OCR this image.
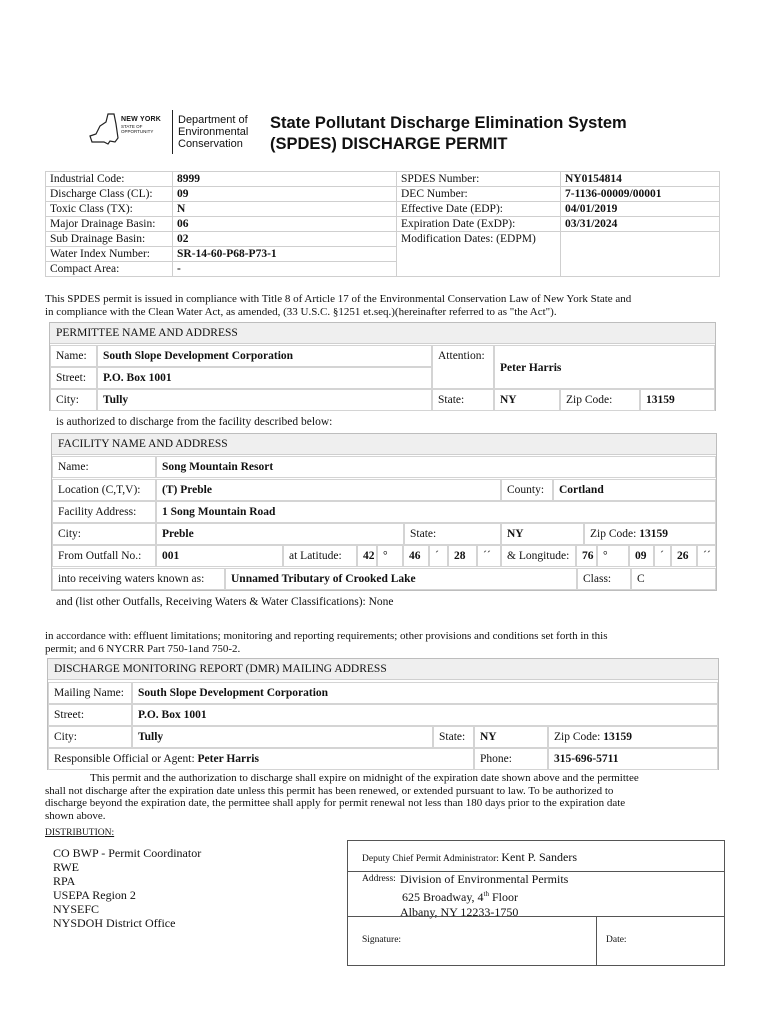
NEW YORK
STATE OF OPPORTUNITY
Department of
Environmental
Conservation
State Pollutant Discharge Elimination System
(SPDES) DISCHARGE PERMIT
Industrial Code:	8999	SPDES Number:	NY0154814
Discharge Class (CL):	09	DEC Number:	7-1136-00009/00001
Toxic Class (TX):	N	Effective Date (EDP):	04/01/2019
Major Drainage Basin:	06	Expiration Date (ExDP):	03/31/2024
Sub Drainage Basin:	02	Modification Dates: (EDPM)	
Water Index Number:	SR-14-60-P68-P73-1		
Compact Area:	-		
This SPDES permit is issued in compliance with Title 8 of Article 17 of the Environmental Conservation Law of New York State and
in compliance with the Clean Water Act, as amended, (33 U.S.C. §1251 et.seq.)(hereinafter referred to as "the Act").
PERMITTEE NAME AND ADDRESS
Name:	South Slope Development Corporation	Attention:
Peter Harris
Street:	P.O. Box 1001
City:	Tully	State:	NY	Zip Code:	13159
is authorized to discharge from the facility described below:
FACILITY NAME AND ADDRESS
Name:	Song Mountain Resort
Location (C,T,V):	(T) Preble	County:	Cortland
Facility Address:	1 Song Mountain Road
City:	Preble	State:	NY	Zip Code: 13159
From Outfall No.:	001	at Latitude:	42 °	46	´	28	´´	& Longitude:	76 °	09	´	26	´´
into receiving waters known as:	Unnamed Tributary of Crooked Lake	Class:	C
and (list other Outfalls, Receiving Waters & Water Classifications): None
in accordance with: effluent limitations; monitoring and reporting requirements; other provisions and conditions set forth in this
permit; and 6 NYCRR Part 750-1and 750-2.
DISCHARGE MONITORING REPORT (DMR) MAILING ADDRESS
Mailing Name:	South Slope Development Corporation
Street:	P.O. Box 1001
City:	Tully	State:	NY	Zip Code: 13159
Responsible Official or Agent: Peter Harris	Phone:	315-696-5711
This permit and the authorization to discharge shall expire on midnight of the expiration date shown above and the permittee
shall not discharge after the expiration date unless this permit has been renewed, or extended pursuant to law. To be authorized to
discharge beyond the expiration date, the permittee shall apply for permit renewal not less than 180 days prior to the expiration date
shown above.
DISTRIBUTION:
CO BWP - Permit Coordinator
RWE
RPA
USEPA Region 2
NYSEFC
NYSDOH District Office
Deputy Chief Permit Administrator: Kent P. Sanders
Address: Division of Environmental Permits
625 Broadway, 4th Floor
Albany, NY 12233-1750
Signature:	Date:
